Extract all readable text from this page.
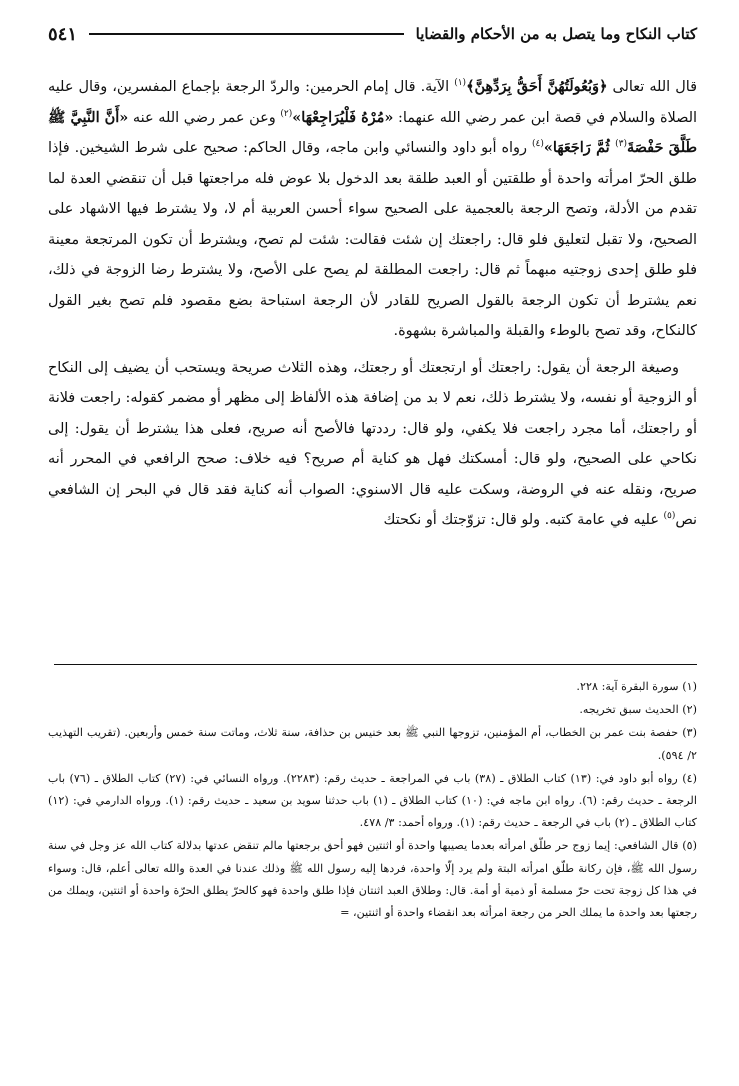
كتاب النكاح وما يتصل به من الأحكام والقضايا
٥٤١

قال الله تعالى ﴿وَبُعُولَتُهُنَّ أَحَقُّ بِرَدِّهِنَّ﴾$^{(١)}$ الآية. قال إمام الحرمين: والردّ الرجعة بإجماع المفسرين، وقال عليه الصلاة والسلام في قصة ابن عمر رضي الله عنهما: «مُرْهُ فَلْيُرَاجِعْهَا»$^{(٢)}$ وعن عمر رضي الله عنه «أَنَّ النَّبِيَّ ﷺ طَلَّقَ حَفْصَةَ$^{(٣)}$ ثُمَّ رَاجَعَهَا»$^{(٤)}$ رواه أبو داود والنسائي وابن ماجه، وقال الحاكم: صحيح على شرط الشيخين. فإذا طلق الحرّ امرأته واحدة أو طلقتين أو العبد طلقة بعد الدخول بلا عوض فله مراجعتها قبل أن تنقضي العدة لما تقدم من الأدلة، وتصح الرجعة بالعجمية على الصحيح سواء أحسن العربية أم لا، ولا يشترط فيها الاشهاد على الصحيح، ولا تقبل لتعليق فلو قال: راجعتك إن شئت فقالت: شئت لم تصح، ويشترط أن تكون المرتجعة معينة فلو طلق إحدى زوجتيه مبهماً ثم قال: راجعت المطلقة لم يصح على الأصح، ولا يشترط رضا الزوجة في ذلك، نعم يشترط أن تكون الرجعة بالقول الصريح للقادر لأن الرجعة استباحة بضع مقصود فلم تصح بغير القول كالنكاح، وقد تصح بالوطء والقبلة والمباشرة بشهوة.

وصيغة الرجعة أن يقول: راجعتك أو ارتجعتك أو رجعتك، وهذه الثلاث صريحة ويستحب أن يضيف إلى النكاح أو الزوجية أو نفسه، ولا يشترط ذلك، نعم لا بد من إضافة هذه الألفاظ إلى مظهر أو مضمر كقوله: راجعت فلانة أو راجعتك، أما مجرد راجعت فلا يكفي، ولو قال: رددتها فالأصح أنه صريح، فعلى هذا يشترط أن يقول: إلى نكاحي على الصحيح، ولو قال: أمسكتك فهل هو كناية أم صريح؟ فيه خلاف: صحح الرافعي في المحرر أنه صريح، ونقله عنه في الروضة، وسكت عليه قال الاسنوي: الصواب أنه كناية فقد قال في البحر إن الشافعي نص$^{(٥)}$ عليه في عامة كتبه. ولو قال: تزوّجتك أو نكحتك

(١) سورة البقرة آية: ٢٢٨.

(٢) الحديث سبق تخريجه.

(٣) حفصة بنت عمر بن الخطاب، أم المؤمنين، تزوجها النبي ﷺ بعد خنيس بن حذافة، سنة ثلاث، وماتت سنة خمس وأربعين. (تقريب التهذيب ٢/ ٥٩٤).

(٤) رواه أبو داود في: (١٣) كتاب الطلاق ـ (٣٨) باب في المراجعة ـ حديث رقم: (٢٢٨٣). ورواه النسائي في: (٢٧) كتاب الطلاق ـ (٧٦) باب الرجعة ـ حديث رقم: (٦). رواه ابن ماجه في: (١٠) كتاب الطلاق ـ (١) باب حدثنا سويد بن سعيد ـ حديث رقم: (١). ورواه الدارمي في: (١٢) كتاب الطلاق ـ (٢) باب في الرجعة ـ حديث رقم: (١). ورواه أحمد: ٣/ ٤٧٨.

(٥) قال الشافعي: إيما زوج حر طلّق امرأته بعدما يصيبها واحدة أو اثنتين فهو أحق برجعتها مالم تنقض عدتها بدلالة كتاب الله عز وجل في سنة رسول الله ﷺ، فإن ركانة طلّق امرأته البتة ولم يرد إلّا واحدة، فردها إليه رسول الله ﷺ وذلك عندنا في العدة والله تعالى أعلم، قال: وسواء في هذا كل زوجة تحت حرّ مسلمة أو ذمية أو أمة. قال: وطلاق العبد اثنتان فإذا طلق واحدة فهو كالحرّ يطلق الحرّة واحدة أو اثنتين، ويملك من رجعتها بعد واحدة ما يملك الحر من رجعة امرأته بعد انقضاء واحدة أو اثنتين، =
